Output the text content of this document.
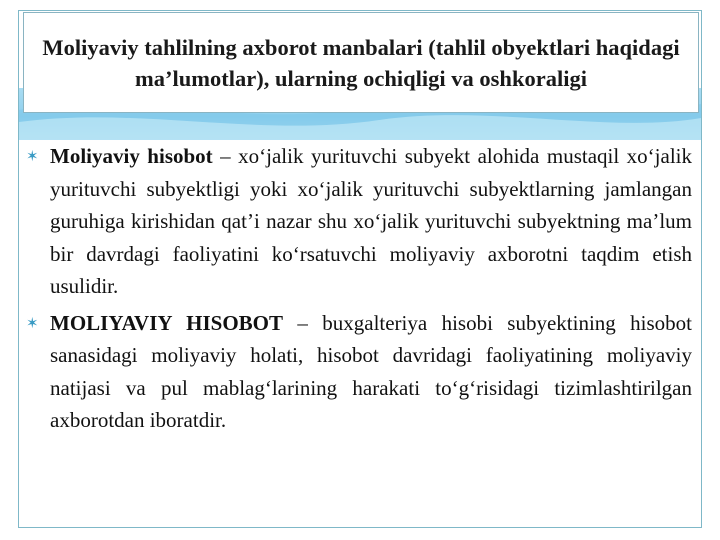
Moliyaviy tahlilning axborot manbalari (tahlil obyektlari haqidagi ma’lumotlar), ularning ochiqligi va oshkoraligi

✶ Moliyaviy hisobot – xo‘jalik yurituvchi subyekt alohida mustaqil xo‘jalik yurituvchi subyektligi yoki xo‘jalik yurituvchi subyektlarning jamlangan guruhiga kirishidan qat’i nazar shu xo‘jalik yurituvchi subyektning ma’lum bir davrdagi faoliyatini ko‘rsatuvchi moliyaviy axborotni taqdim etish usulidir.

✶ MOLIYAVIY HISOBOT – buxgalteriya hisobi subyektining hisobot sanasidagi moliyaviy holati, hisobot davridagi faoliyatining moliyaviy natijasi va pul mablag‘larining harakati to‘g‘risidagi tizimlashtirilgan axborotdan iboratdir.
